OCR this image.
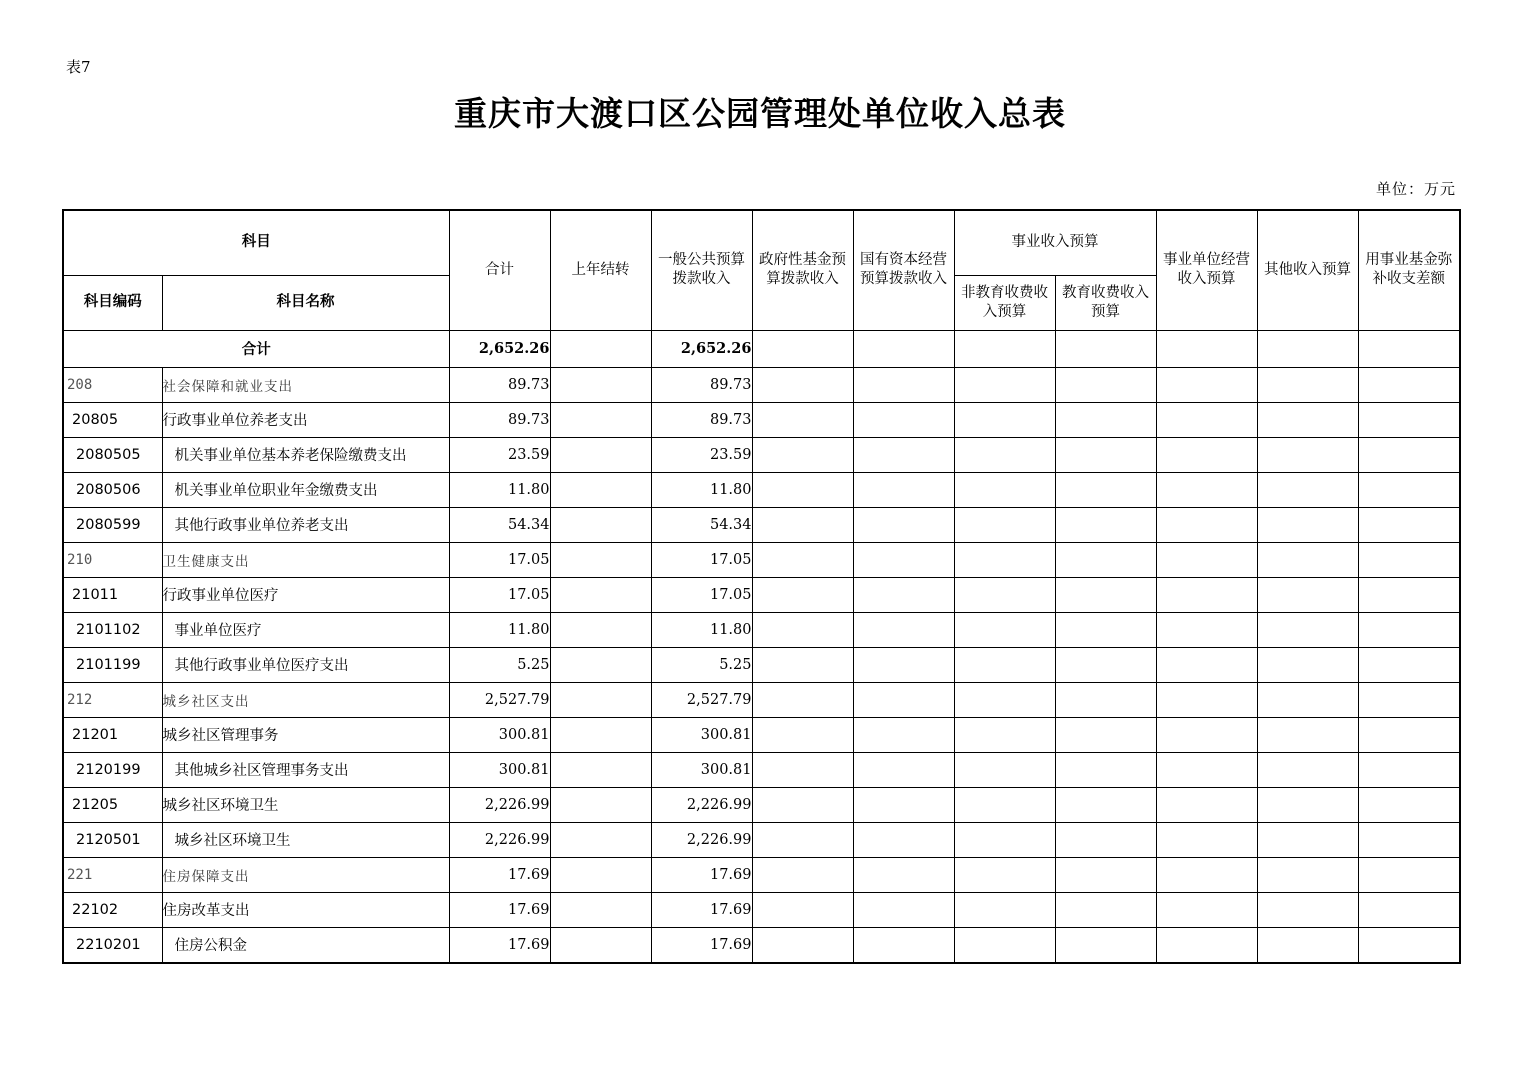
表7
重庆市大渡口区公园管理处单位收入总表
单位：万元
科目		合计	上年结转	一般公共预算拨款收入	政府性基金预算拨款收入	国有资本经营预算拨款收入	事业收入预算		事业单位经营收入预算	其他收入预算	用事业基金弥补收支差额
科目编码	科目名称						非教育收费收入预算	教育收费收入预算			
合计		2,652.26		2,652.26							
208	社会保障和就业支出	89.73		89.73							
20805	行政事业单位养老支出	89.73		89.73							
2080505	机关事业单位基本养老保险缴费支出	23.59		23.59							
2080506	机关事业单位职业年金缴费支出	11.80		11.80							
2080599	其他行政事业单位养老支出	54.34		54.34							
210	卫生健康支出	17.05		17.05							
21011	行政事业单位医疗	17.05		17.05							
2101102	事业单位医疗	11.80		11.80							
2101199	其他行政事业单位医疗支出	5.25		5.25							
212	城乡社区支出	2,527.79		2,527.79							
21201	城乡社区管理事务	300.81		300.81							
2120199	其他城乡社区管理事务支出	300.81		300.81							
21205	城乡社区环境卫生	2,226.99		2,226.99							
2120501	城乡社区环境卫生	2,226.99		2,226.99							
221	住房保障支出	17.69		17.69							
22102	住房改革支出	17.69		17.69							
2210201	住房公积金	17.69		17.69							
